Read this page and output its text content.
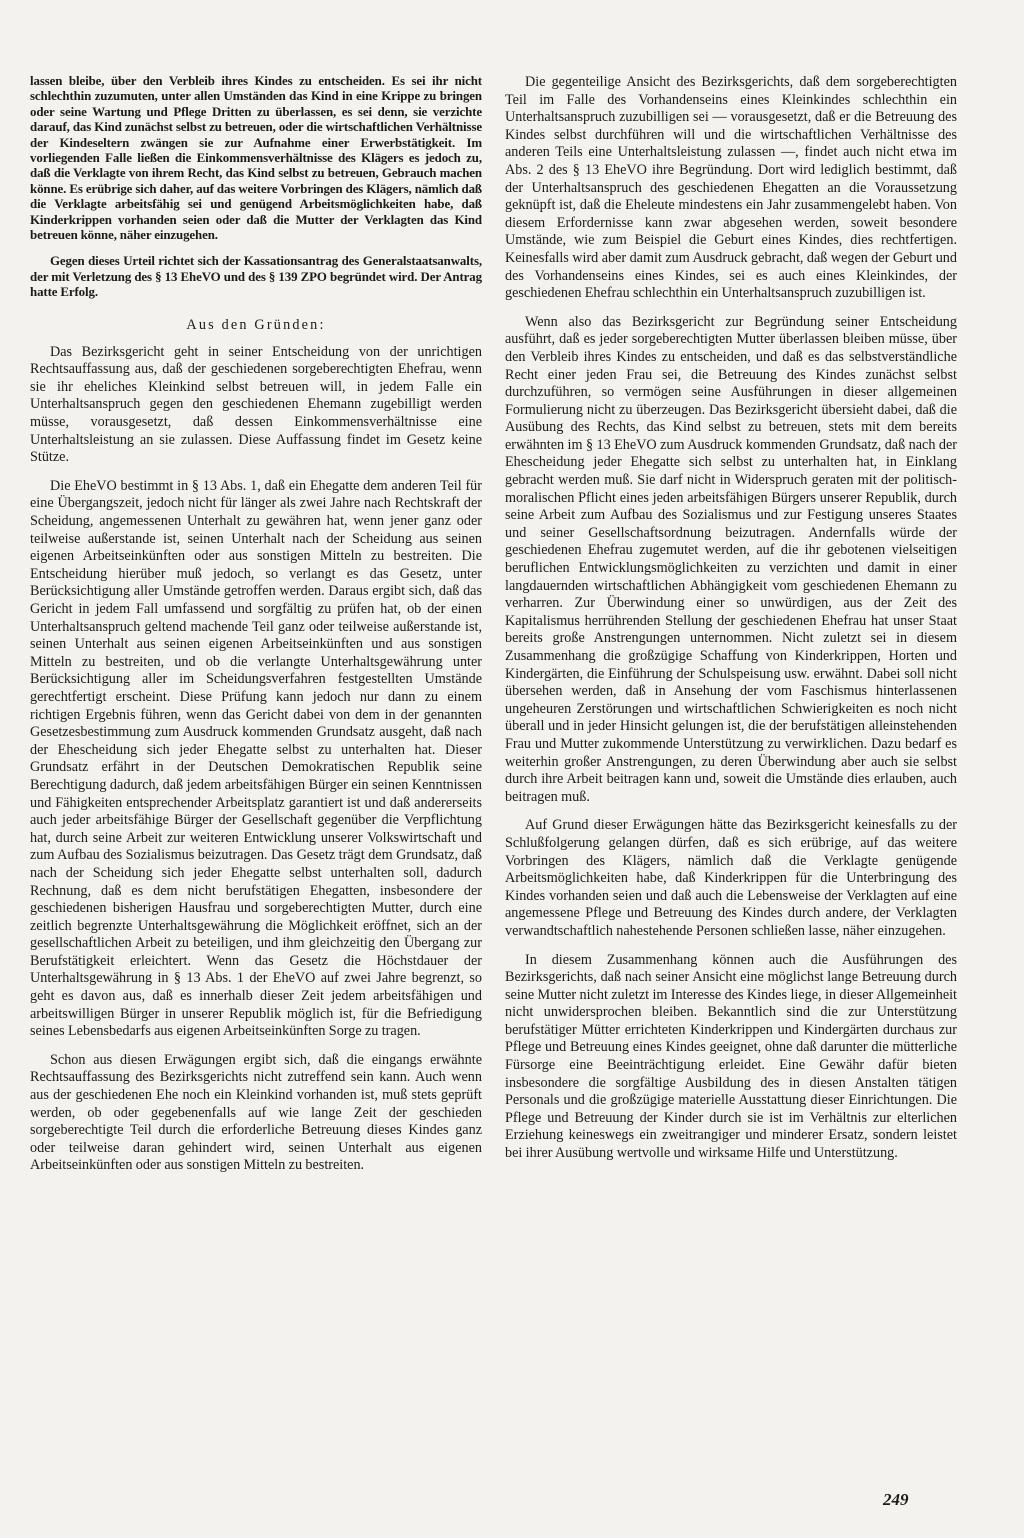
lassen bleibe, über den Verbleib ihres Kindes zu entscheiden. Es sei ihr nicht schlechthin zuzumuten, unter allen Umständen das Kind in eine Krippe zu bringen oder seine Wartung und Pflege Dritten zu überlassen, es sei denn, sie verzichte darauf, das Kind zunächst selbst zu betreuen, oder die wirtschaftlichen Verhältnisse der Kindeseltern zwängen sie zur Aufnahme einer Erwerbstätigkeit. Im vorliegenden Falle ließen die Einkommensverhältnisse des Klägers es jedoch zu, daß die Verklagte von ihrem Recht, das Kind selbst zu betreuen, Gebrauch machen könne. Es erübrige sich daher, auf das weitere Vorbringen des Klägers, nämlich daß die Verklagte arbeitsfähig sei und genügend Arbeitsmöglichkeiten habe, daß Kinderkrippen vorhanden seien oder daß die Mutter der Verklagten das Kind betreuen könne, näher einzugehen.

Gegen dieses Urteil richtet sich der Kassationsantrag des Generalstaatsanwalts, der mit Verletzung des § 13 EheVO und des § 139 ZPO begründet wird. Der Antrag hatte Erfolg.

Aus den Gründen:

Das Bezirksgericht geht in seiner Entscheidung von der unrichtigen Rechtsauffassung aus, daß der geschiedenen sorgeberechtigten Ehefrau, wenn sie ihr eheliches Kleinkind selbst betreuen will, in jedem Falle ein Unterhaltsanspruch gegen den geschiedenen Ehemann zugebilligt werden müsse, vorausgesetzt, daß dessen Einkommensverhältnisse eine Unterhaltsleistung an sie zulassen. Diese Auffassung findet im Gesetz keine Stütze.

Die EheVO bestimmt in § 13 Abs. 1, daß ein Ehegatte dem anderen Teil für eine Übergangszeit, jedoch nicht für länger als zwei Jahre nach Rechtskraft der Scheidung, angemessenen Unterhalt zu gewähren hat, wenn jener ganz oder teilweise außerstande ist, seinen Unterhalt nach der Scheidung aus seinen eigenen Arbeitseinkünften oder aus sonstigen Mitteln zu bestreiten. Die Entscheidung hierüber muß jedoch, so verlangt es das Gesetz, unter Berücksichtigung aller Umstände getroffen werden. Daraus ergibt sich, daß das Gericht in jedem Fall umfassend und sorgfältig zu prüfen hat, ob der einen Unterhaltsanspruch geltend machende Teil ganz oder teilweise außerstande ist, seinen Unterhalt aus seinen eigenen Arbeitseinkünften und aus sonstigen Mitteln zu bestreiten, und ob die verlangte Unterhaltsgewährung unter Berücksichtigung aller im Scheidungsverfahren festgestellten Umstände gerechtfertigt erscheint. Diese Prüfung kann jedoch nur dann zu einem richtigen Ergebnis führen, wenn das Gericht dabei von dem in der genannten Gesetzesbestimmung zum Ausdruck kommenden Grundsatz ausgeht, daß nach der Ehescheidung sich jeder Ehegatte selbst zu unterhalten hat. Dieser Grundsatz erfährt in der Deutschen Demokratischen Republik seine Berechtigung dadurch, daß jedem arbeitsfähigen Bürger ein seinen Kenntnissen und Fähigkeiten entsprechender Arbeitsplatz garantiert ist und daß andererseits auch jeder arbeitsfähige Bürger der Gesellschaft gegenüber die Verpflichtung hat, durch seine Arbeit zur weiteren Entwicklung unserer Volkswirtschaft und zum Aufbau des Sozialismus beizutragen. Das Gesetz trägt dem Grundsatz, daß nach der Scheidung sich jeder Ehegatte selbst unterhalten soll, dadurch Rechnung, daß es dem nicht berufstätigen Ehegatten, insbesondere der geschiedenen bisherigen Hausfrau und sorgeberechtigten Mutter, durch eine zeitlich begrenzte Unterhaltsgewährung die Möglichkeit eröffnet, sich an der gesellschaftlichen Arbeit zu beteiligen, und ihm gleichzeitig den Übergang zur Berufstätigkeit erleichtert. Wenn das Gesetz die Höchstdauer der Unterhaltsgewährung in § 13 Abs. 1 der EheVO auf zwei Jahre begrenzt, so geht es davon aus, daß es innerhalb dieser Zeit jedem arbeitsfähigen und arbeitswilligen Bürger in unserer Republik möglich ist, für die Befriedigung seines Lebensbedarfs aus eigenen Arbeitseinkünften Sorge zu tragen.

Schon aus diesen Erwägungen ergibt sich, daß die eingangs erwähnte Rechtsauffassung des Bezirksgerichts nicht zutreffend sein kann. Auch wenn aus der geschiedenen Ehe noch ein Kleinkind vorhanden ist, muß stets geprüft werden, ob oder gegebenenfalls auf wie lange Zeit der geschieden sorgeberechtigte Teil durch die erforderliche Betreuung dieses Kindes ganz oder teilweise daran gehindert wird, seinen Unterhalt aus eigenen Arbeitseinkünften oder aus sonstigen Mitteln zu bestreiten.

Die gegenteilige Ansicht des Bezirksgerichts, daß dem sorgeberechtigten Teil im Falle des Vorhandenseins eines Kleinkindes schlechthin ein Unterhaltsanspruch zuzubilligen sei — vorausgesetzt, daß er die Betreuung des Kindes selbst durchführen will und die wirtschaftlichen Verhältnisse des anderen Teils eine Unterhaltsleistung zulassen —, findet auch nicht etwa im Abs. 2 des § 13 EheVO ihre Begründung. Dort wird lediglich bestimmt, daß der Unterhaltsanspruch des geschiedenen Ehegatten an die Voraussetzung geknüpft ist, daß die Eheleute mindestens ein Jahr zusammengelebt haben. Von diesem Erfordernisse kann zwar abgesehen werden, soweit besondere Umstände, wie zum Beispiel die Geburt eines Kindes, dies rechtfertigen. Keinesfalls wird aber damit zum Ausdruck gebracht, daß wegen der Geburt und des Vorhandenseins eines Kindes, sei es auch eines Kleinkindes, der geschiedenen Ehefrau schlechthin ein Unterhaltsanspruch zuzubilligen ist.

Wenn also das Bezirksgericht zur Begründung seiner Entscheidung ausführt, daß es jeder sorgeberechtigten Mutter überlassen bleiben müsse, über den Verbleib ihres Kindes zu entscheiden, und daß es das selbstverständliche Recht einer jeden Frau sei, die Betreuung des Kindes zunächst selbst durchzuführen, so vermögen seine Ausführungen in dieser allgemeinen Formulierung nicht zu überzeugen. Das Bezirksgericht übersieht dabei, daß die Ausübung des Rechts, das Kind selbst zu betreuen, stets mit dem bereits erwähnten im § 13 EheVO zum Ausdruck kommenden Grundsatz, daß nach der Ehescheidung jeder Ehegatte sich selbst zu unterhalten hat, in Einklang gebracht werden muß. Sie darf nicht in Widerspruch geraten mit der politisch-moralischen Pflicht eines jeden arbeitsfähigen Bürgers unserer Republik, durch seine Arbeit zum Aufbau des Sozialismus und zur Festigung unseres Staates und seiner Gesellschaftsordnung beizutragen. Andernfalls würde der geschiedenen Ehefrau zugemutet werden, auf die ihr gebotenen vielseitigen beruflichen Entwicklungsmöglichkeiten zu verzichten und damit in einer langdauernden wirtschaftlichen Abhängigkeit vom geschiedenen Ehemann zu verharren. Zur Überwindung einer so unwürdigen, aus der Zeit des Kapitalismus herrührenden Stellung der geschiedenen Ehefrau hat unser Staat bereits große Anstrengungen unternommen. Nicht zuletzt sei in diesem Zusammenhang die großzügige Schaffung von Kinderkrippen, Horten und Kindergärten, die Einführung der Schulspeisung usw. erwähnt. Dabei soll nicht übersehen werden, daß in Ansehung der vom Faschismus hinterlassenen ungeheuren Zerstörungen und wirtschaftlichen Schwierigkeiten es noch nicht überall und in jeder Hinsicht gelungen ist, die der berufstätigen alleinstehenden Frau und Mutter zukommende Unterstützung zu verwirklichen. Dazu bedarf es weiterhin großer Anstrengungen, zu deren Überwindung aber auch sie selbst durch ihre Arbeit beitragen kann und, soweit die Umstände dies erlauben, auch beitragen muß.

Auf Grund dieser Erwägungen hätte das Bezirksgericht keinesfalls zu der Schlußfolgerung gelangen dürfen, daß es sich erübrige, auf das weitere Vorbringen des Klägers, nämlich daß die Verklagte genügende Arbeitsmöglichkeiten habe, daß Kinderkrippen für die Unterbringung des Kindes vorhanden seien und daß auch die Lebensweise der Verklagten auf eine angemessene Pflege und Betreuung des Kindes durch andere, der Verklagten verwandtschaftlich nahestehende Personen schließen lasse, näher einzugehen.

In diesem Zusammenhang können auch die Ausführungen des Bezirksgerichts, daß nach seiner Ansicht eine möglichst lange Betreuung durch seine Mutter nicht zuletzt im Interesse des Kindes liege, in dieser Allgemeinheit nicht unwidersprochen bleiben. Bekanntlich sind die zur Unterstützung berufstätiger Mütter errichteten Kinderkrippen und Kindergärten durchaus zur Pflege und Betreuung eines Kindes geeignet, ohne daß darunter die mütterliche Fürsorge eine Beeinträchtigung erleidet. Eine Gewähr dafür bieten insbesondere die sorgfältige Ausbildung des in diesen Anstalten tätigen Personals und die großzügige materielle Ausstattung dieser Einrichtungen. Die Pflege und Betreuung der Kinder durch sie ist im Verhältnis zur elterlichen Erziehung keineswegs ein zweitrangiger und minderer Ersatz, sondern leistet bei ihrer Ausübung wertvolle und wirksame Hilfe und Unterstützung.

249
